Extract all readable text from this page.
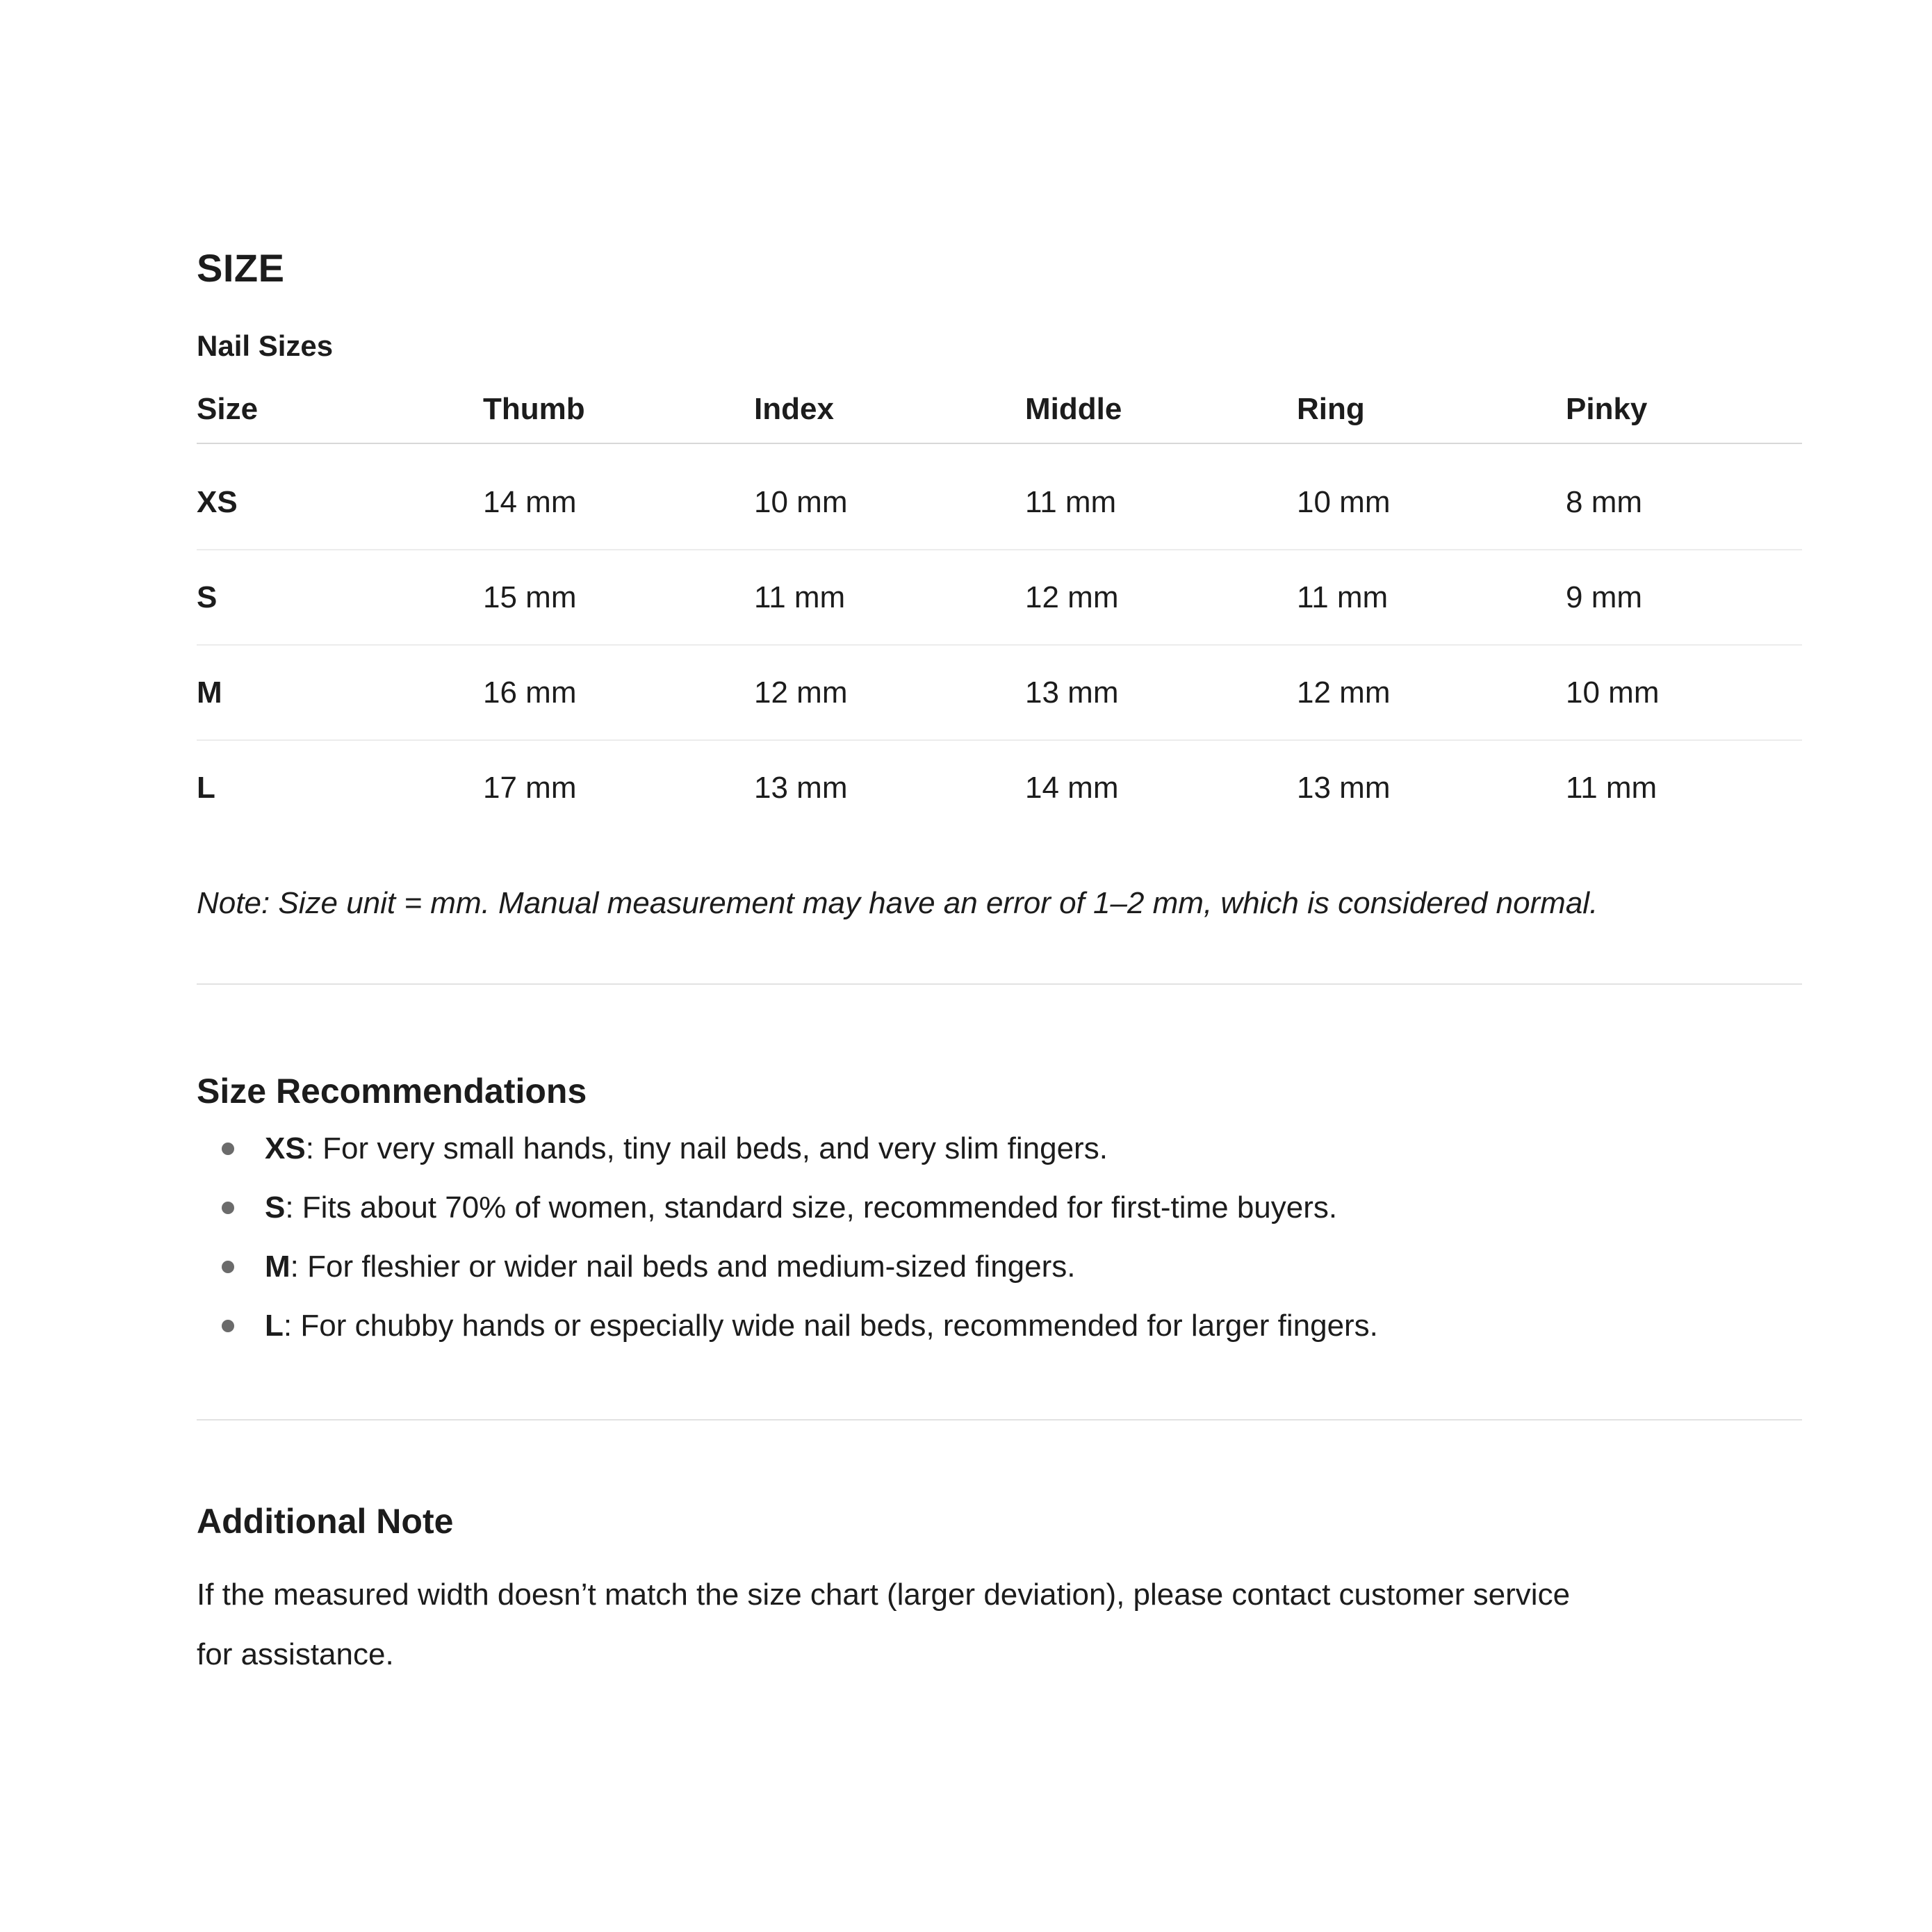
SIZE
Nail Sizes
Size	Thumb	Index	Middle	Ring	Pinky
XS	14 mm	10 mm	11 mm	10 mm	8 mm
S	15 mm	11 mm	12 mm	11 mm	9 mm
M	16 mm	12 mm	13 mm	12 mm	10 mm
L	17 mm	13 mm	14 mm	13 mm	11 mm

Note: Size unit = mm. Manual measurement may have an error of 1–2 mm, which is considered normal.

Size Recommendations
XS: For very small hands, tiny nail beds, and very slim fingers.
S: Fits about 70% of women, standard size, recommended for first-time buyers.
M: For fleshier or wider nail beds and medium-sized fingers.
L: For chubby hands or especially wide nail beds, recommended for larger fingers.
Additional Note

If the measured width doesn’t match the size chart (larger deviation), please contact customer service
for assistance.
